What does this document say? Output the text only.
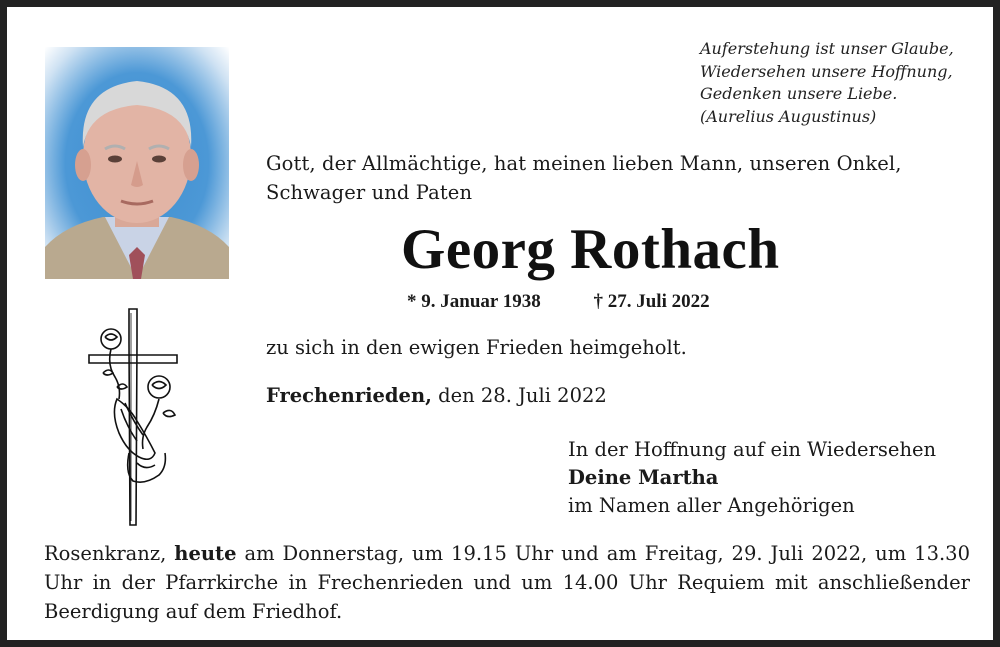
Auferstehung ist unser Glaube,
Wiedersehen unsere Hoffnung,
Gedenken unsere Liebe.
(Aurelius Augustinus)
Gott, der Allmächtige, hat meinen lieben Mann, unseren Onkel,
Schwager und Paten
Georg Rothach
* 9. Januar 1938	† 27. Juli 2022
zu sich in den ewigen Frieden heimgeholt.
Frechenrieden, den 28. Juli 2022
In der Hoffnung auf ein Wiedersehen
Deine Martha
im Namen aller Angehörigen
Rosenkranz, heute am Donnerstag, um 19.15 Uhr und am Freitag, 29. Juli 2022, um 13.30 Uhr in der Pfarrkirche in Frechenrieden und um 14.00 Uhr Requiem mit anschließender Beerdigung auf dem Friedhof.
